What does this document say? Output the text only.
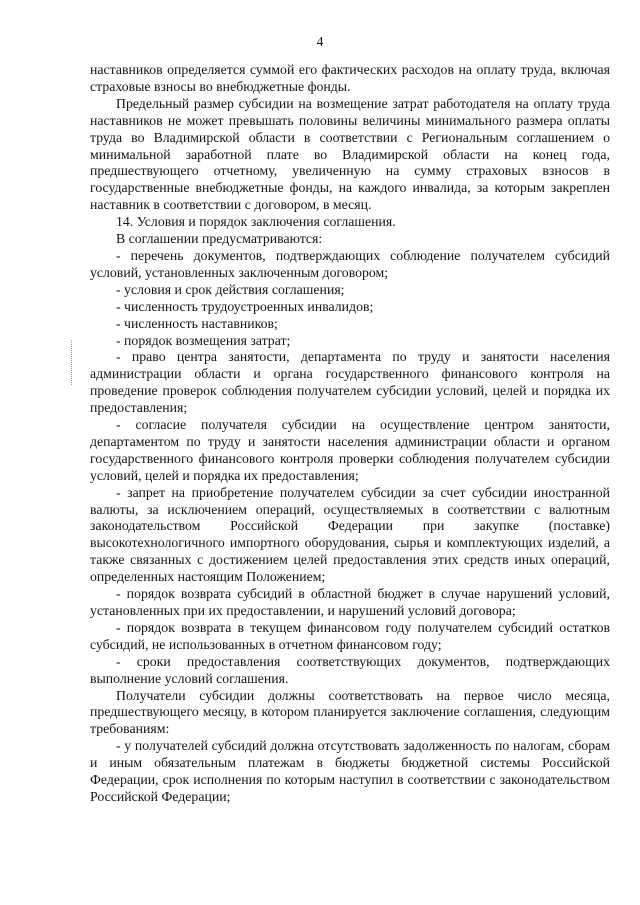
4

наставников определяется суммой его фактических расходов на оплату труда, включая страховые взносы во внебюджетные фонды.

Предельный размер субсидии на возмещение затрат работодателя на оплату труда наставников не может превышать половины величины минимального размера оплаты труда во Владимирской области в соответствии с Региональным соглашением о минимальной заработной плате во Владимирской области на конец года, предшествующего отчетному, увеличенную на сумму страховых взносов в государственные внебюджетные фонды, на каждого инвалида, за которым закреплен наставник в соответствии с договором, в месяц.

14. Условия и порядок заключения соглашения.

В соглашении предусматриваются:

- перечень документов, подтверждающих соблюдение получателем субсидий условий, установленных заключенным договором;

- условия и срок действия соглашения;

- численность трудоустроенных инвалидов;

- численность наставников;

- порядок возмещения затрат;

- право центра занятости, департамента по труду и занятости населения администрации области и органа государственного финансового контроля на проведение проверок соблюдения получателем субсидии условий, целей и порядка их предоставления;

- согласие получателя субсидии на осуществление центром занятости, департаментом по труду и занятости населения администрации области и органом государственного финансового контроля проверки соблюдения получателем субсидии условий, целей и порядка их предоставления;

- запрет на приобретение получателем субсидии за счет субсидии иностранной валюты, за исключением операций, осуществляемых в соответствии с валютным законодательством Российской Федерации при закупке (поставке) высокотехнологичного импортного оборудования, сырья и комплектующих изделий, а также связанных с достижением целей предоставления этих средств иных операций, определенных настоящим Положением;

- порядок возврата субсидий в областной бюджет в случае нарушений условий, установленных при их предоставлении, и нарушений условий договора;

- порядок возврата в текущем финансовом году получателем субсидий остатков субсидий, не использованных в отчетном финансовом году;

- сроки предоставления соответствующих документов, подтверждающих выполнение условий соглашения.

Получатели субсидии должны соответствовать на первое число месяца, предшествующего месяцу, в котором планируется заключение соглашения, следующим требованиям:

- у получателей субсидий должна отсутствовать задолженность по налогам, сборам и иным обязательным платежам в бюджеты бюджетной системы Российской Федерации, срок исполнения по которым наступил в соответствии с законодательством Российской Федерации;
